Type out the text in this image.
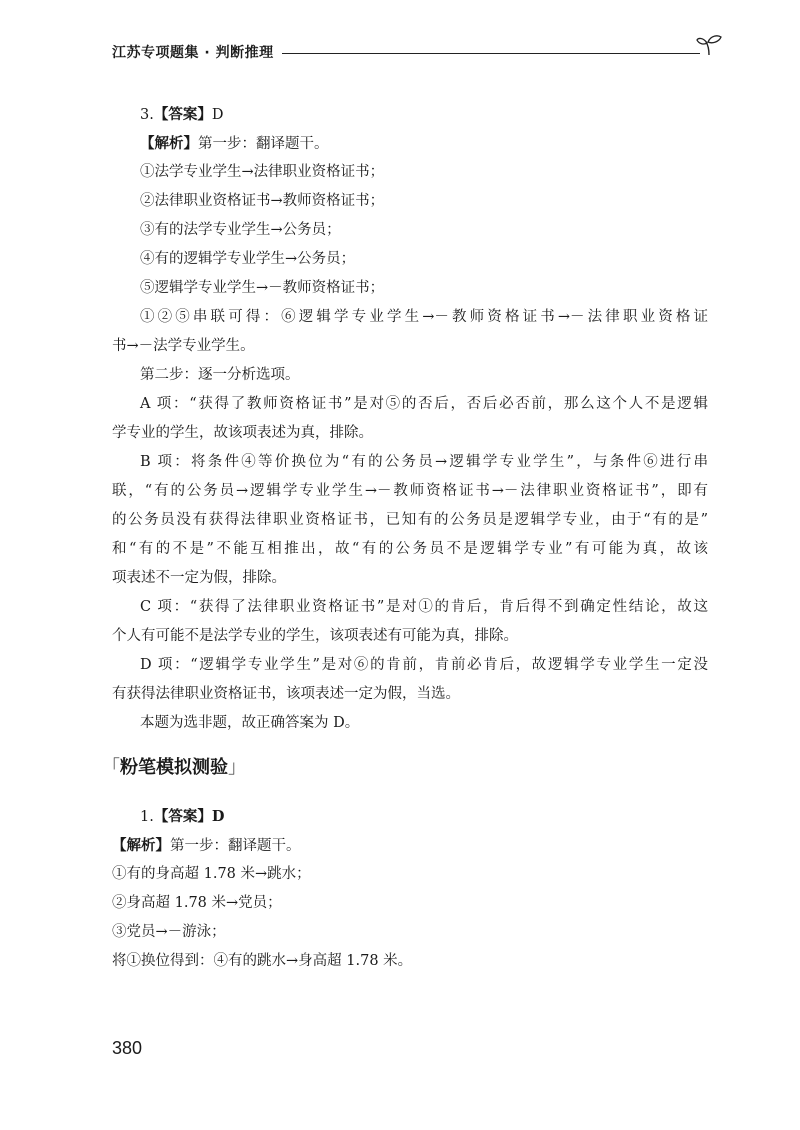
江苏专项题集 · 判断推理
3.【答案】D
【解析】第一步：翻译题干。
①法学专业学生→法律职业资格证书；
②法律职业资格证书→教师资格证书；
③有的法学专业学生→公务员；
④有的逻辑学专业学生→公务员；
⑤逻辑学专业学生→－教师资格证书；
①②⑤串联可得：⑥逻辑学专业学生→－教师资格证书→－法律职业资格证
书→－法学专业学生。
第二步：逐一分析选项。
A 项：“获得了教师资格证书”是对⑤的否后，否后必否前，那么这个人不是逻辑
学专业的学生，故该项表述为真，排除。
B 项：将条件④等价换位为“有的公务员→逻辑学专业学生”，与条件⑥进行串
联，“有的公务员→逻辑学专业学生→－教师资格证书→－法律职业资格证书”，即有
的公务员没有获得法律职业资格证书，已知有的公务员是逻辑学专业，由于“有的是”
和“有的不是”不能互相推出，故“有的公务员不是逻辑学专业”有可能为真，故该
项表述不一定为假，排除。
C 项：“获得了法律职业资格证书”是对①的肯后，肯后得不到确定性结论，故这
个人有可能不是法学专业的学生，该项表述有可能为真，排除。
D 项：“逻辑学专业学生”是对⑥的肯前，肯前必肯后，故逻辑学专业学生一定没
有获得法律职业资格证书，该项表述一定为假，当选。
本题为选非题，故正确答案为 D。
「粉笔模拟测验」
1.【答案】D
【解析】第一步：翻译题干。
①有的身高超 1.78 米→跳水；
②身高超 1.78 米→党员；
③党员→－游泳；
将①换位得到：④有的跳水→身高超 1.78 米。
380
